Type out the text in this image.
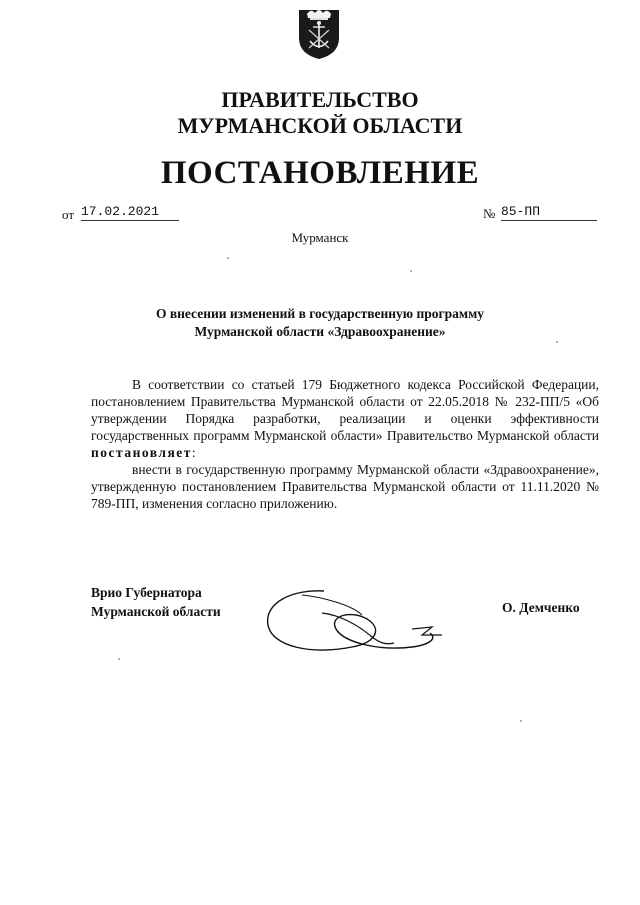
ПРАВИТЕЛЬСТВО
МУРМАНСКОЙ ОБЛАСТИ
ПОСТАНОВЛЕНИЕ
от 17.02.2021	№ 85-ПП
Мурманск
О внесении изменений в государственную программу
Мурманской области «Здравоохранение»

В соответствии со статьей 179 Бюджетного кодекса Российской Федерации, постановлением Правительства Мурманской области от 22.05.2018 № 232-ПП/5 «Об утверждении Порядка разработки, реализации и оценки эффективности государственных программ Мурманской области» Правительство Мурманской области постановляет:

внести в государственную программу Мурманской области «Здравоохранение», утвержденную постановлением Правительства Мурманской области от 11.11.2020 № 789-ПП, изменения согласно приложению.

Врио Губернатора
Мурманской области	О. Демченко
